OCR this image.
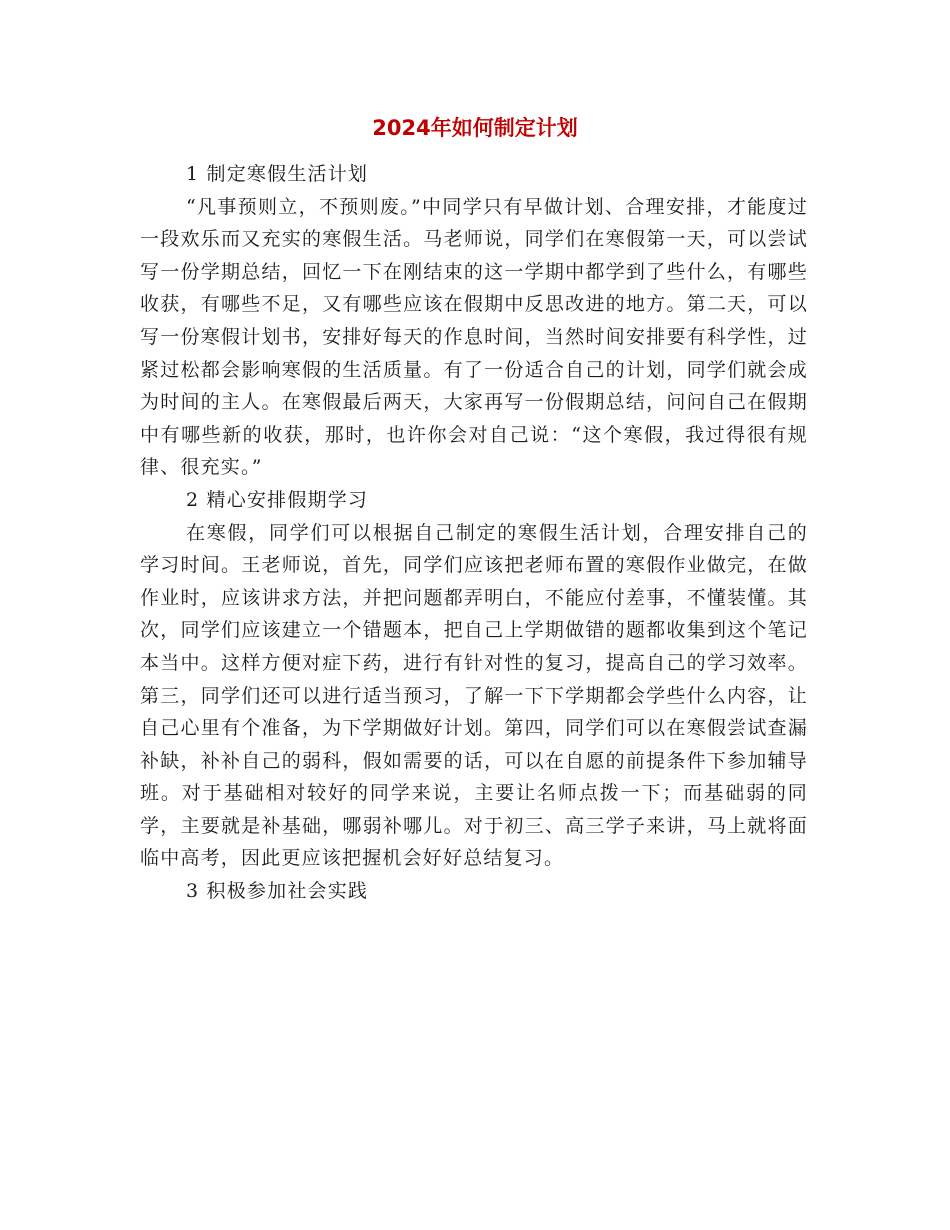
2024年如何制定计划

1 制定寒假生活计划

“凡事预则立，不预则废。”中同学只有早做计划、合理安排，才能度过一段欢乐而又充实的寒假生活。马老师说，同学们在寒假第一天，可以尝试写一份学期总结，回忆一下在刚结束的这一学期中都学到了些什么，有哪些收获，有哪些不足，又有哪些应该在假期中反思改进的地方。第二天，可以写一份寒假计划书，安排好每天的作息时间，当然时间安排要有科学性，过紧过松都会影响寒假的生活质量。有了一份适合自己的计划，同学们就会成为时间的主人。在寒假最后两天，大家再写一份假期总结，问问自己在假期中有哪些新的收获，那时，也许你会对自己说：“这个寒假，我过得很有规律、很充实。”

2 精心安排假期学习

在寒假，同学们可以根据自己制定的寒假生活计划，合理安排自己的学习时间。王老师说，首先，同学们应该把老师布置的寒假作业做完，在做作业时，应该讲求方法，并把问题都弄明白，不能应付差事，不懂装懂。其次，同学们应该建立一个错题本，把自己上学期做错的题都收集到这个笔记本当中。这样方便对症下药，进行有针对性的复习，提高自己的学习效率。第三，同学们还可以进行适当预习，了解一下下学期都会学些什么内容，让自己心里有个准备，为下学期做好计划。第四，同学们可以在寒假尝试查漏补缺，补补自己的弱科，假如需要的话，可以在自愿的前提条件下参加辅导班。对于基础相对较好的同学来说，主要让名师点拨一下；而基础弱的同学，主要就是补基础，哪弱补哪儿。对于初三、高三学子来讲，马上就将面临中高考，因此更应该把握机会好好总结复习。

3 积极参加社会实践
